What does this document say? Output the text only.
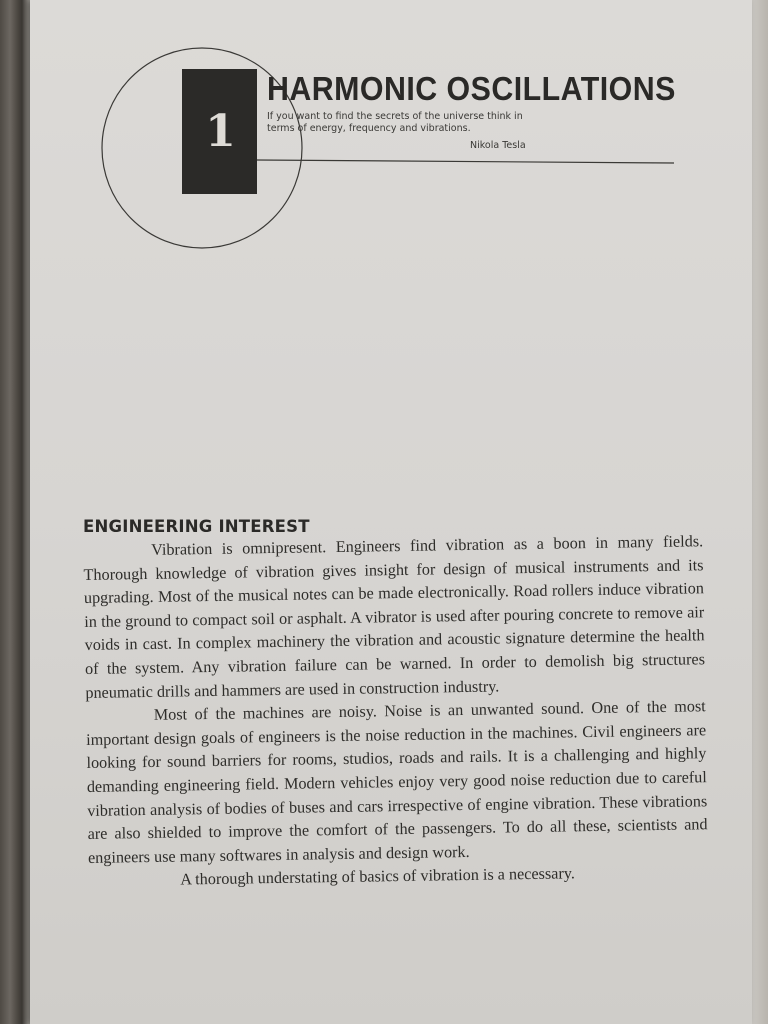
1
HARMONIC OSCILLATIONS
If you want to find the secrets of the universe think in terms of energy, frequency and vibrations.
Nikola Tesla
ENGINEERING INTEREST

Vibration is omnipresent. Engineers find vibration as a boon in many fields. Thorough knowledge of vibration gives insight for design of musical instruments and its upgrading. Most of the musical notes can be made electronically. Road rollers induce vibration in the ground to compact soil or asphalt. A vibrator is used after pouring concrete to remove air voids in cast. In complex machinery the vibration and acoustic signature determine the health of the system. Any vibration failure can be warned. In order to demolish big structures pneumatic drills and hammers are used in construction industry.

Most of the machines are noisy. Noise is an unwanted sound. One of the most important design goals of engineers is the noise reduction in the machines. Civil engineers are looking for sound barriers for rooms, studios, roads and rails. It is a challenging and highly demanding engineering field. Modern vehicles enjoy very good noise reduction due to careful vibration analysis of bodies of buses and cars irrespective of engine vibration. These vibrations are also shielded to improve the comfort of the passengers. To do all these, scientists and engineers use many softwares in analysis and design work.

A thorough understating of basics of vibration is a necessary.
